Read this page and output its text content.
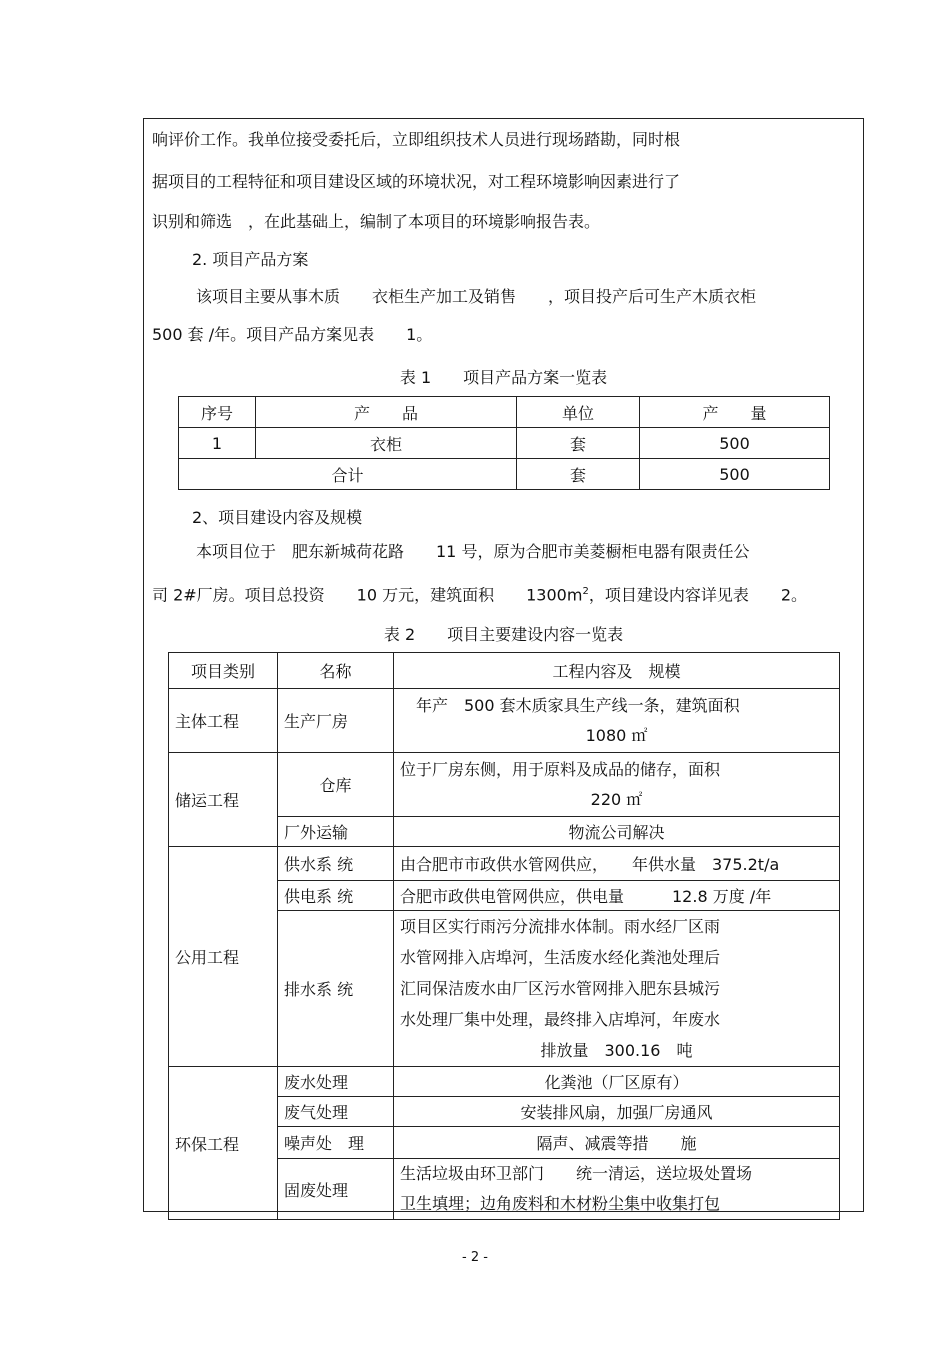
响评价工作。我单位接受委托后，立即组织技术人员进行现场踏勘，同时根
据项目的工程特征和项目建设区域的环境状况，对工程环境影响因素进行了
识别和筛选　，在此基础上，编制了本项目的环境影响报告表。
2. 项目产品方案
该项目主要从事木质　　衣柜生产加工及销售　　，项目投产后可生产木质衣柜
500 套 /年。项目产品方案见表　　1。
表 1　　项目产品方案一览表
序号	产　　品	单位	产　　量
1	衣柜	套	500
合计		套	500
2、项目建设内容及规模
本项目位于　肥东新城荷花路　　11 号，原为合肥市美菱橱柜电器有限责任公
司 2#厂房。项目总投资　　10 万元，建筑面积　　$1300m^2$，项目建设内容详见表　　2。
表 2　　项目主要建设内容一览表
项目类别	名称	工程内容及　规模
主体工程	生产厂房	年产　500 套木质家具生产线一条，建筑面积
1080 ㎡

储运工程	仓库	位于厂房东侧，用于原料及成品的储存，面积
220 ㎡

	厂外运输	物流公司解决
公用工程	供水系 统	由合肥市市政供水管网供应，　　年供水量　375.2t/a
	供电系 统	合肥市政供电管网供应，供电量　　　12.8 万度 /年
	排水系 统	项目区实行雨污分流排水体制。雨水经厂区雨
水管网排入店埠河，生活废水经化粪池处理后
汇同保洁废水由厂区污水管网排入肥东县城污
水处理厂集中处理，最终排入店埠河，年废水
排放量　300.16　吨

环保工程	废水处理	化粪池（厂区原有）
	废气处理	安装排风扇，加强厂房通风
	噪声处　理	隔声、减震等措　　施
	固废处理	生活垃圾由环卫部门　　统一清运，送垃圾处置场
卫生填埋；边角废料和木材粉尘集中收集打包
- 2 -
